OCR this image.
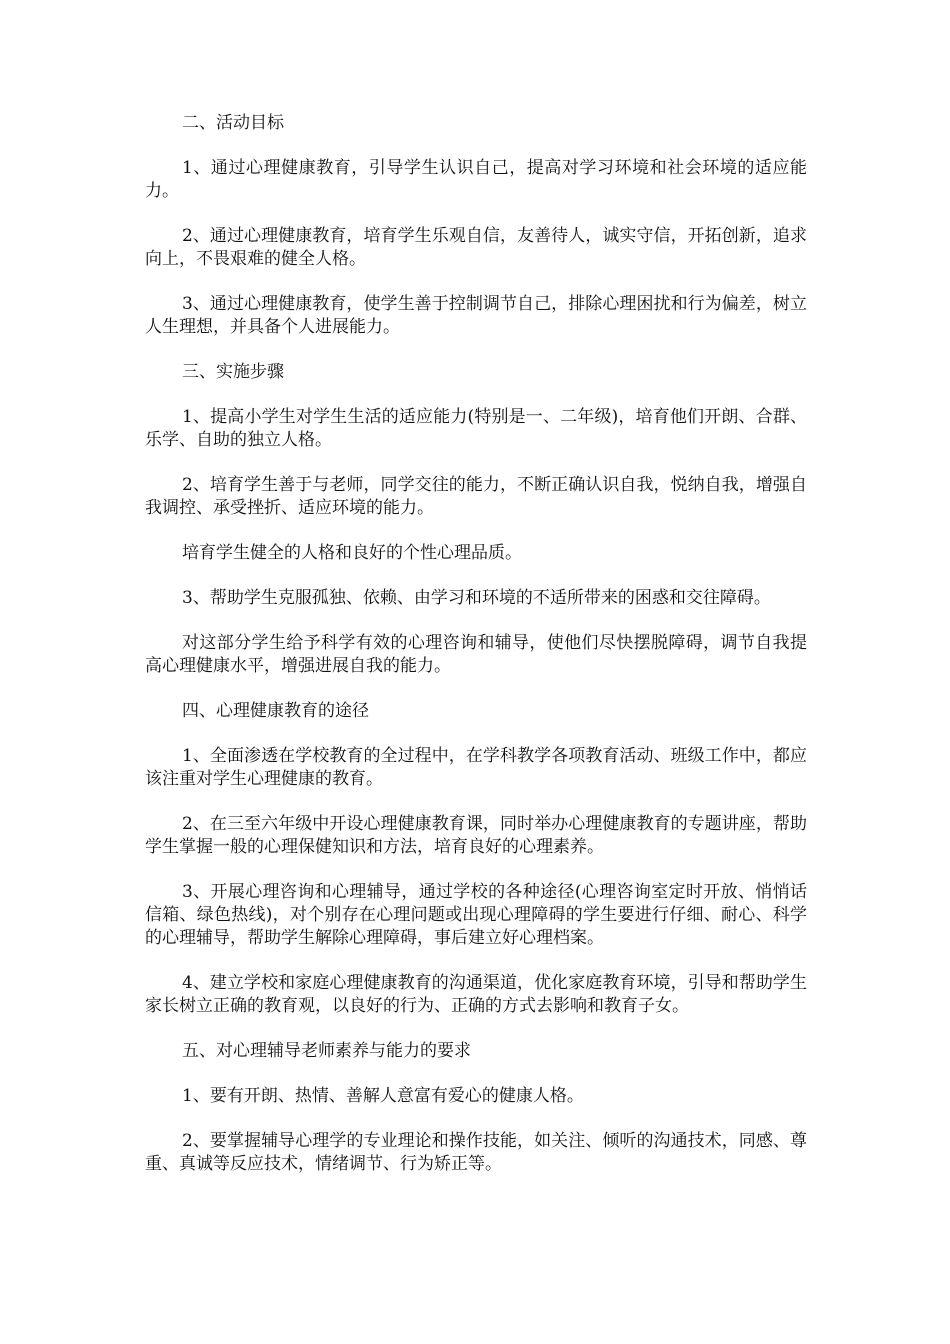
二、活动目标

1、通过心理健康教育，引导学生认识自己，提高对学习环境和社会环境的适应能力。

2、通过心理健康教育，培育学生乐观自信，友善待人，诚实守信，开拓创新，追求向上，不畏艰难的健全人格。

3、通过心理健康教育，使学生善于控制调节自己，排除心理困扰和行为偏差，树立人生理想，并具备个人进展能力。

三、实施步骤

1、提高小学生对学生生活的适应能力(特别是一、二年级)，培育他们开朗、合群、乐学、自助的独立人格。

2、培育学生善于与老师，同学交往的能力，不断正确认识自我，悦纳自我，增强自我调控、承受挫折、适应环境的能力。

培育学生健全的人格和良好的个性心理品质。

3、帮助学生克服孤独、依赖、由学习和环境的不适所带来的困惑和交往障碍。

对这部分学生给予科学有效的心理咨询和辅导，使他们尽快摆脱障碍，调节自我提高心理健康水平，增强进展自我的能力。

四、心理健康教育的途径

1、全面渗透在学校教育的全过程中，在学科教学各项教育活动、班级工作中，都应该注重对学生心理健康的教育。

2、在三至六年级中开设心理健康教育课，同时举办心理健康教育的专题讲座，帮助学生掌握一般的心理保健知识和方法，培育良好的心理素养。

3、开展心理咨询和心理辅导，通过学校的各种途径(心理咨询室定时开放、悄悄话信箱、绿色热线)，对个别存在心理问题或出现心理障碍的学生要进行仔细、耐心、科学的心理辅导，帮助学生解除心理障碍，事后建立好心理档案。

4、建立学校和家庭心理健康教育的沟通渠道，优化家庭教育环境，引导和帮助学生家长树立正确的教育观，以良好的行为、正确的方式去影响和教育子女。

五、对心理辅导老师素养与能力的要求

1、要有开朗、热情、善解人意富有爱心的健康人格。

2、要掌握辅导心理学的专业理论和操作技能，如关注、倾听的沟通技术，同感、尊重、真诚等反应技术，情绪调节、行为矫正等。
